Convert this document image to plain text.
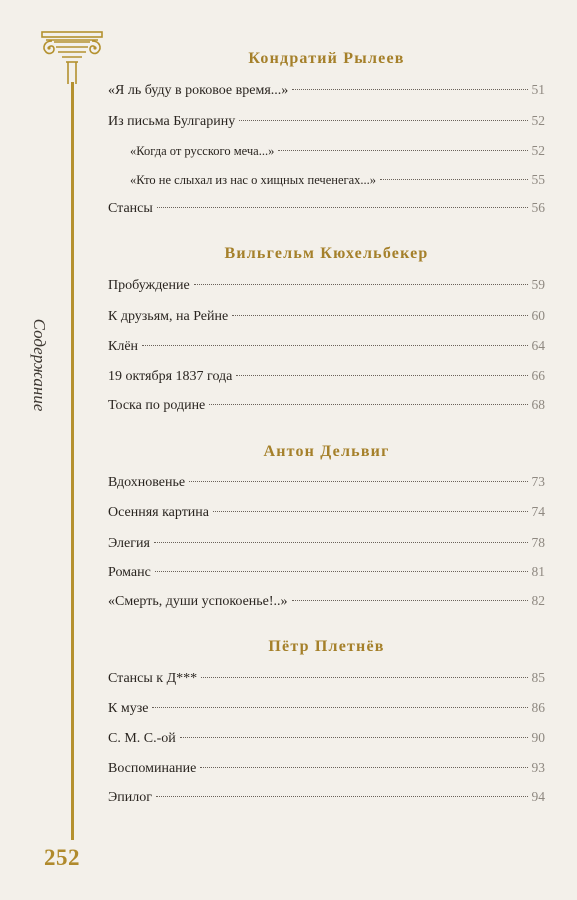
Содержание
252
Кондратий Рылеев
«Я ль буду в роковое время...»	51
Из письма Булгарину	52
«Когда от русского меча...»	52
«Кто не слыхал из нас о хищных печенегах...»	55
Стансы	56
Вильгельм Кюхельбекер
Пробуждение	59
К друзьям, на Рейне	60
Клён	64
19 октября 1837 года	66
Тоска по родине	68
Антон Дельвиг
Вдохновенье	73
Осенняя картина	74
Элегия	78
Романс	81
«Смерть, души успокоенье!..»	82
Пётр Плетнёв
Стансы к Д***	85
К музе	86
С. М. С.-ой	90
Воспоминание	93
Эпилог	94
